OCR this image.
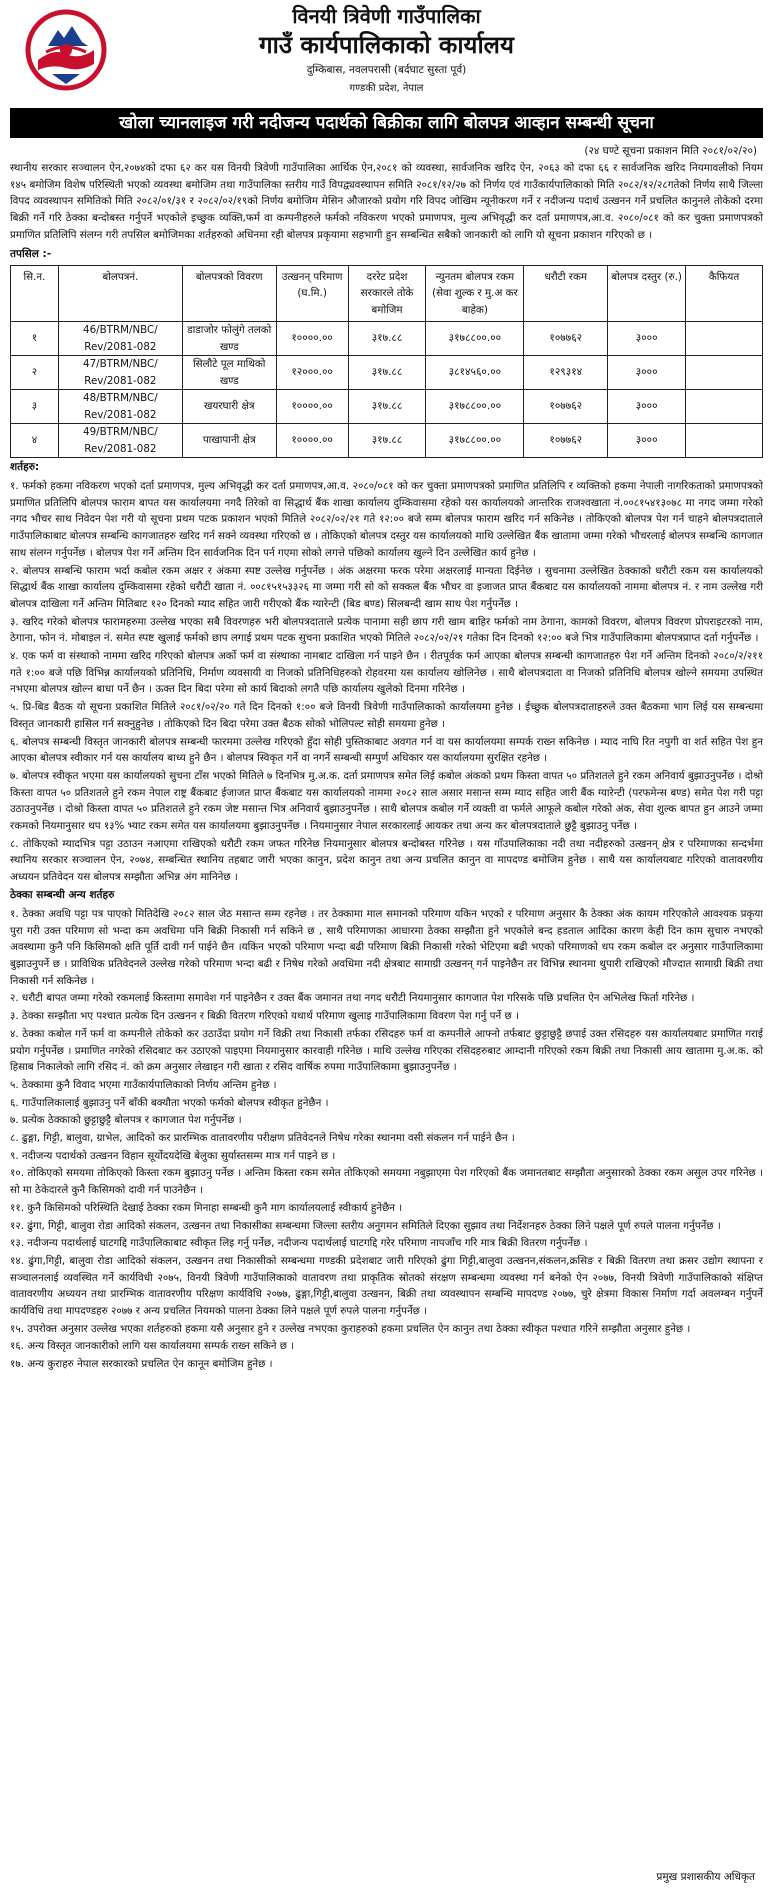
विनयी त्रिवेणी गाउँपालिका
गाउँ कार्यपालिकाको कार्यालय
दुम्किबास, नवलपरासी (बर्दघाट सुस्ता पूर्व)
गण्डकी प्रदेश, नेपाल
खोला च्यानलाइज गरी नदीजन्य पदार्थको बिक्रीका लागि बोलपत्र आव्हान सम्बन्धी सूचना
(२४ घण्टे सूचना प्रकाशन मिति २०८१/०२/२०)
स्थानीय सरकार सञ्चालन ऐन,२०७४को दफा ६२ कर यस विनयी त्रिवेणी गाउँपालिका आर्थिक ऐन,२०८१ को व्यवस्था, सार्वजनिक खरिद ऐन, २०६३ को दफा ६६ र सार्वजनिक खरिद नियमावलीको नियम १४५ बमोजिम विशेष परिस्थिती भएको व्यवस्था बमोजिम तथा गाउँपालिका स्तरीय गाउँ विपद्व्यवस्थापन समिति २०८१/१२/२७ को निर्णय एवं गाउँकार्यपालिकाको मिति २०८२/१२/२८गतेको निर्णय साथै जिल्ला विपद व्यवस्थापन समितिको मिति २०८२/०१/३१ र २०८२/०२/१९को निर्णय बमोजिम मेसिन औजारको प्रयोग गरि विपद जोखिम न्यूनीकरण गर्ने र नदीजन्य पदार्थ उत्खनन गर्ने प्रचलित कानुनले तोकेको दरमा बिक्री गर्ने गरि ठेक्का बन्दोबस्त गर्नुपर्ने भएकोले इच्छुक व्यक्ति,फर्म वा कम्पनीहरुले फर्मको नविकरण भएको प्रमाणपत्र, मुल्य अभिवृद्धी कर दर्ता प्रमाणपत्र,आ.व. २०८०/०८१ को कर चुक्ता प्रमाणपत्रको प्रमाणित प्रतिलिपि संलग्न गरी तपसिल बमोजिमका शर्तहरुको अधिनमा रही बोलपत्र प्रकृयामा सहभागी हुन सम्बन्धित सबैको जानकारी को लागि यो सूचना प्रकाशन गरिएको छ ।
तपसिल :-
सि.न.	बोलपत्रनं.	बोलपत्रको विवरण	उत्खनन् परिमाण (घ.मि.)	दररेट प्रदेश सरकारले तोके बमोजिम	न्युनतम बोलपत्र रकम (सेवा शुल्क र मु.अ कर बाहेक)	धरौटी रकम	बोलपत्र दस्तुर (रु.)	कैफियत
१	46/BTRM/NBC/ Rev/2081-082	डाडाजोर फोलुंगे तलको खण्ड	१००००.००	३१७.८८	३१७८८००.००	१०७७६२	३०००	
२	47/BTRM/NBC/ Rev/2081-082	सिलौटे पूल माथिको खण्ड	१२०००.००	३१७.८८	३८१४५६०.००	१२९३१४	३०००	
३	48/BTRM/NBC/ Rev/2081-082	खयरघारी क्षेत्र	१००००.००	३१७.८८	३१७८८००.००	१०७७६२	३०००	
४	49/BTRM/NBC/ Rev/2081-082	पाखापानी क्षेत्र	१००००.००	३१७.८८	३१७८८००.००	१०७७६२	३०००	
शर्तहरु:
१. फर्मको हकमा नविकरण भएको दर्ता प्रमाणपत्र, मुल्य अभिवृद्धी कर दर्ता प्रमाणपत्र,आ.व. २०८०/०८१ को कर चुक्ता प्रमाणपत्रको प्रमाणित प्रतिलिपि र व्यक्तिको हकमा नेपाली नागरिकताको प्रमाणपत्रको प्रमाणित प्रतिलिपि बोलपत्र फाराम बापत यस कार्यालयमा नगदै तिरेको वा सिद्धार्थ बैंक शाखा कार्यालय दुम्किवासमा रहेको यस कार्यालयको आन्तरिक राजश्वखाता नं.००८१५४१३०७८ मा नगद जम्मा गरेको नगद भौचर साथ निवेदन पेश गरी यो सूचना प्रथम पटक प्रकाशन भएको मितिले २०८२/०२/२१ गते १२:०० बजे सम्म बोलपत्र फाराम खरिद गर्न सकिनेछ । तोकिएको बोलपत्र पेश गर्न चाहने बोलपत्रदाताले गाउँपालिकाबाट बोलपत्र सम्बन्धि कागजातहरु खरिद गर्न सक्ने व्यवस्था गरिएको छ । तोकिएको बोलपत्र दस्तुर यस कार्यालयको माथि उल्लेखित बैंक खातामा जम्मा गरेको भौचरलाई बोलपत्र सम्बन्धि कागजात साथ संलग्न गर्नुपर्नेछ । बोलपत्र पेश गर्ने अन्तिम दिन सार्वजनिक दिन पर्न गएमा सोको लगत्ते पछिको कार्यालय खुल्ने दिन उल्लेखित कार्य हुनेछ ।
२. बोलपत्र सम्बन्धि फाराम भर्दा कबोल रकम अक्षर र अंकमा स्पष्ट उल्लेख गर्नुपर्नेछ । अंक अक्षरमा फरक परेमा अक्षरलाई मान्यता दिईनेछ । सुचनामा उल्लेखित ठेक्काको धरौटी रकम यस कार्यालयको सिद्धार्थ बैंक शाखा कार्यालय दुम्किवासमा रहेको धरौटी खाता नं. ००८१५१५३३२६ मा जम्मा गरी सो को सक्कल बैंक भौचर वा इजाजत प्राप्त बैंकबाट यस कार्यालयको नाममा बोलपत्र नं. र नाम उल्लेख गरी बोलपत्र दाखिला गर्ने अन्तिम मितिबाट १२० दिनको म्याद सहित जारी गरीएको बैंक ग्यारेन्टी (बिड बण्ड) सिलबन्दी खाम साथ पेश गर्नुपर्नेछ ।
३. खरिद गरेको बोलपत्र फारामहरुमा उल्लेख भएका सबै विवरणहरु भरी बोलपत्रदाताले प्रत्येक पानामा सही छाप गरी खाम बाहिर फर्मको नाम ठेगाना, कामको विवरण, बोलपत्र विवरण प्रोपराइटरको नाम, ठेगाना, फोन नं. मोबाइल नं. समेत स्पष्ट खुलाई फर्मको छाप लगाई प्रथम पटक सुचना प्रकाशित भएको मितिले २०८२/०२/२१ गतेका दिन दिनको १२:०० बजे भित्र गाउँपालिकामा बोलपत्रप्राप्त दर्ता गर्नुपर्नेछ ।
४. एक फर्म वा संस्थाको नाममा खरिद गरिएको बोलपत्र अर्को फर्म वा संस्थाका नामबाट दाखिला गर्न पाइने छैन । रीतपूर्वक फर्म आएका बोलपत्र सम्बन्धी कागजातहरु पेश गर्ने अन्तिम दिनको २०८०/२/२११ गते १:०० बजे पछि विभिन्न कार्यालयको प्रतिनिधि, निर्माण व्यवसायी वा निजको प्रतिनिधिहरुको रोहवरमा यस कार्यालय खोलिनेछ । साथै बोलपत्रदाता वा निजको प्रतिनिधि बोलपत्र खोल्ने समयमा उपस्थित नभएमा बोलपत्र खोल्न बाधा पर्ने छैन । ऊक्त दिन बिदा परेमा सो कार्य बिदाको लगतै पछि कार्यालय खुलेको दिनमा गरिनेछ ।
५. प्रि-बिड बैठक यो सूचना प्रकाशित मितिले २०८१/०२/२० गते दिन दिनको १:०० बजे विनयी त्रिवेणी गाउँपालिकाको कार्यालयमा हुनेछ । ईच्छुक बोलपत्रदाताहरुले उक्त बैठकमा भाग लिई यस सम्बन्धमा विस्तृत जानकारी हासिल गर्न सक्नुहुनेछ । तोकिएको दिन बिदा परेमा उक्त बैठक सोको भोलिपल्ट सोही समयमा हुनेछ ।
६. बोलपत्र सम्बन्धी विस्तृत जानकारी बोलपत्र सम्बन्धी फारममा उल्लेख गरिएको हुँदा सोही पुस्तिकाबाट अवगत गर्न वा यस कार्यालयमा सम्पर्क राख्न सकिनेछ । म्याद नाघि रित नपुगी वा शर्त सहित पेश हुन आएका बोलपत्र स्वीकार गर्न यस कार्यालय बाध्य हुने छैन । बोलपत्र स्विकृत गर्ने वा नगर्ने सम्बन्धी सम्पुर्ण अधिकार यस कार्यालयमा सुरक्षित रहनेछ ।
७. बोलपत्र स्वीकृत भएमा यस कार्यालयको सुचना टाँस भएको मितिले ७ दिनभित्र मु.अ.क. दर्ता प्रमाणपत्र समेत लिई कबोल अंकको प्रथम किस्ता वापत ५० प्रतिशतले हुने रकम अनिवार्य बुझाउनुपर्नेछ । दोश्रो किस्ता वापत ५० प्रतिशतले हुने रकम नेपाल राष्ट्र बैंकबाट ईजाजत प्राप्त बैंकबाट यस कार्यालयको नाममा २०८२ साल असार मसान्त सम्म म्याद सहित जारी बैंक ग्यारेन्टी (परफमेन्स बण्ड) समेत पेश गरी पट्टा उठाउनुपर्नेछ । दोश्रो किस्ता वापत ५० प्रतिशतले हुने रकम जेष्ट मसान्त भित्र अनिवार्य बुझाउनुपर्नेछ । साथै बोलपत्र कबोल गर्ने व्यक्ती वा फर्मले आफूले कबोल गरेको अंक, सेवा शुल्क बापत हुन आउने जम्मा रकमको नियमानुसार थप १३% भ्याट रकम समेत यस कार्यालयमा बुझाउनुपर्नेछ । नियमानुसार नेपाल सरकारलाई आयकर तथा अन्य कर बोलपत्रदाताले छुट्टै बुझाउनु पर्नेछ ।
८. तोकिएको म्यादभित्र पट्टा उठाउन नआएमा राखिएको धरौटी रकम जफत गरिनेछ नियमानुसार बोलपत्र बन्दोबस्त गरिनेछ । यस गाँउपालिकाका नदी तथा नदीहरुको उत्खनन् क्षेत्र र परिमाणका सन्दर्भमा स्थानिय सरकार सञ्चालन ऐन, २०७४, सम्बन्धित स्थानिय तहबाट जारी भएका कानुन, प्रदेश कानुन तथा अन्य प्रचलित कानुन वा मापदण्ड बमोजिम हुनेछ । साथै यस कार्यालयबाट गरिएको वातावरणीय अध्ययन प्रतिवेदन यस बोलपत्र सम्झौता अभिन्न अंग मानिनेछ ।
ठेक्का सम्बन्धी अन्य शर्तहरु
१. ठेक्का अवधि पट्टा पत्र पाएको मितिदेखि २०८२ साल जेठ मसान्त सम्म रहनेछ । तर ठेक्कामा माल समानको परिमाण यकिन भएको र परिमाण अनुसार कै ठेक्का अंक कायम गरिएकोले आवश्यक प्रकृया पुरा गरी उक्त परिमाण सो भन्दा कम अवधिमा पनि बिक्री निकासी गर्न सकिने छ , साथै परिमाणका आधारमा ठेक्का सम्झौता हुने भएकोले बन्द हडताल आदिका कारण केही दिन काम सुचारु नभएको अवस्थामा कुनै पनि किसिमको क्षति पूर्ति दावी गर्न पाईने छैन ।यकिन भएको परिमाण भन्दा बढी परिमाण बिक्री निकासी गरेको भेटिएमा बढी भएको परिमाणको थप रकम कबोल दर अनुसार गाउँपालिकामा बुझाउनुपर्ने छ । प्राविधिक प्रतिवेदनले उल्लेख गरेको परिमाण भन्दा बढी र निषेध गरेको अवधिमा नदी क्षेत्रबाट सामाग्री उत्खनन् गर्न पाइनेछैन तर विभिन्न स्थानमा थुपारी राखिएको मौज्दात सामाग्री बिक्री तथा निकासी गर्न सकिनेछ ।
२. धरौटी बापत जम्मा गरेको रकमलाई किस्तामा समावेश गर्न पाइनेछैन र उक्त बैंक जमानत तथा नगद धरौटी नियमानुसार कागजात पेश गरिसके पछि प्रचलित ऐन अभिलेख फिर्ता गरिनेछ ।
३. ठेक्का सम्झौता भए पश्चात प्रत्येक दिन उत्खनन र बिक्री वितरण गरिएको यथार्थ परिमाण खुलाइ गाउँपालिकामा विवरण पेश गर्नु पर्ने छ ।
४. ठेक्का कबोल गर्ने फर्म वा कम्पनीले तोकेको कर उठाउँदा प्रयोग गर्ने विक्री तथा निकासी तर्फका रसिदहरु फर्म वा कम्पनीले आफ्नो तर्फबाट छुट्टाछुट्टै छपाई उक्त रसिदहरु यस कार्यालयबाट प्रमाणित गराई प्रयोग गर्नुपर्नेछ । प्रमाणित नगरेको रसिदबाट कर उठाएको पाइएमा नियमानुसार कारवाही गरिनेछ । माथि उल्लेख गरिएका रसिदहरुबाट आम्दानी गरिएको रकम बिक्री तथा निकासी आय खातामा मु.अ.क. को हिसाब निकालेको लागि रसिद नं. को क्रम अनुसार लेखाइन गरी खाता र रसिद वार्षिक रुपमा गाउँपालिकामा बुझाउनुपर्नेछ ।
५. ठेक्कामा कुनै विवाद भएमा गाउँकार्यपालिकाको निर्णय अन्तिम हुनेछ ।
६. गाउँपालिकालाई बुझाउनु पर्ने बाँकी बक्यौता भएको फर्मको बोलपत्र स्वीकृत हुनेछैन ।
७. प्रत्येक ठेक्काको छुट्टाछुट्टै बोलपत्र र कागजात पेश गर्नुपर्नेछ ।
८. ढुङ्गा, गिट्टी, बालुवा, ग्राभेल, आदिको कर प्रारम्भिक वातावरणीय परीक्षण प्रतिवेदनले निषेध गरेका स्थानमा वसी संकलन गर्न पाईने छैन ।
९. नदीजन्य पदार्थको उत्खनन विहान सूर्योदयदेखि बेलुका सुर्यास्तसम्म मात्र गर्न पाइने छ ।
१०. तोकिएको समयमा तोकिएको किस्ता रकम बुझाउनु पर्नेछ । अन्तिम किस्ता रकम समेत तोकिएको समयमा नबुझाएमा पेश गरिएको बैंक जमानतबाट सम्झौता अनुसारको ठेक्का रकम असुल उपर गरिनेछ । सो मा ठेकेदारले कुनै किसिमको दावी गर्न पाउनेछैन ।
११. कुनै किसिमको परिस्थिति देखाई ठेक्का रकम मिनाहा सम्बन्धी कुनै माग कार्यालयलाई स्वीकार्य हुनेछैन ।
१२. ढुंगा, गिट्टी, बालुवा रोडा आदिको संकलन, उत्खनन तथा निकासीका सम्बन्धमा जिल्ला स्तरीय अनुगमन समितिले दिएका सुझाव तथा निर्देशनहरु ठेक्का लिने पक्षले पूर्ण रुपले पालना गर्नुपर्नेछ ।
१३. नदीजन्य पदार्थलाई घाटगद्दि गाउँपालिकाबाट स्वीकृत लिइ गर्नु पर्नेछ, नदीजन्य पदार्थलाई घाटगद्दि गरेर परिमाण नापजाँच गरि मात्र बिक्री वितरण गर्नुपर्नेछ ।
१४. ढुंगा,गिट्टी, बालुवा रोडा आदिको संकलन, उत्खनन तथा निकासीको सम्बन्धमा गण्डकी प्रदेशबाट जारी गरिएको ढुंगा गिट्टी,बालुवा उत्खनन,संकलन,क्रसिङ र बिक्री वितरण तथा क्रसर उद्योग स्थापना र सञ्चालनलाई व्यवस्थित गर्ने कार्यविधी २०७५, विनयी त्रिवेणी गाउँपालिकाको वातावरण तथा प्राकृतिक स्रोतको संरक्षण सम्बन्धमा व्यवस्था गर्न बनेको ऐन २०७७, विनयी त्रिवेणी गाउँपालिकाको संक्षिप्त वातावरणीय अध्ययन तथा प्रारम्भिक वातावरणीय परिक्षण कार्यविधि २०७७, ढुङ्गा,गिट्टी,बालुवा उत्खनन, बिक्री तथा व्यवस्थापन सम्बन्धि मापदण्ड २०७७, चुरे क्षेत्रमा विकास निर्माण गर्दा अवलम्बन गर्नुपर्ने कार्यविधि तथा मापदण्डहरु २०७७ र अन्य प्रचलित नियमको पालना ठेक्का लिने पक्षले पूर्ण रुपले पालना गर्नुपर्नेछ ।
१५. उपरोक्त अनुसार उल्लेख भएका शर्तहरुको हकमा यसै अनुसार हुने र उल्लेख नभएका कुराहरुको हकमा प्रचलित ऐन कानुन तथा ठेक्का स्वीकृत पश्चात गरिने सम्झौता अनुसार हुनेछ ।
१६. अन्य विस्तृत जानकारीको लागि यस कार्यालयमा सम्पर्क राख्न सकिने छ ।
१७. अन्य कुराहरु नेपाल सरकारको प्रचलित ऐन कानून बमोजिम हुनेछ ।
प्रमुख प्रशासकीय अधिकृत
